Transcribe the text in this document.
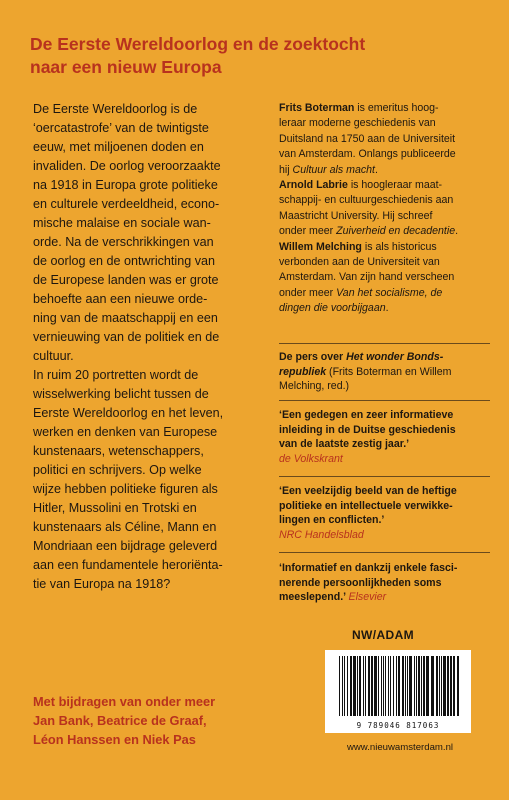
De Eerste Wereldoorlog en de zoektocht
naar een nieuw Europa
De Eerste Wereldoorlog is de
‘oercatastrofe’ van de twintigste
eeuw, met miljoenen doden en
invaliden. De oorlog veroorzaakte
na 1918 in Europa grote politieke
en culturele verdeeldheid, econo-
mische malaise en sociale wan-
orde. Na de verschrikkingen van
de oorlog en de ontwrichting van
de Europese landen was er grote
behoefte aan een nieuwe orde-
ning van de maatschappij en een
vernieuwing van de politiek en de
cultuur.
In ruim 20 portretten wordt de
wisselwerking belicht tussen de
Eerste Wereldoorlog en het leven,
werken en denken van Europese
kunstenaars, wetenschappers,
politici en schrijvers. Op welke
wijze hebben politieke figuren als
Hitler, Mussolini en Trotski en
kunstenaars als Céline, Mann en
Mondriaan een bijdrage geleverd
aan een fundamentele heroriënta-
tie van Europa na 1918?
Met bijdragen van onder meer
Jan Bank, Beatrice de Graaf,
Léon Hanssen en Niek Pas
Frits Boterman is emeritus hoog-
leraar moderne geschiedenis van
Duitsland na 1750 aan de Universiteit
van Amsterdam. Onlangs publiceerde
hij Cultuur als macht.
Arnold Labrie is hoogleraar maat-
schappij- en cultuurgeschiedenis aan
Maastricht University. Hij schreef
onder meer Zuiverheid en decadentie.
Willem Melching is als historicus
verbonden aan de Universiteit van
Amsterdam. Van zijn hand verscheen
onder meer Van het socialisme, de
dingen die voorbijgaan.
De pers over Het wonder Bonds-
republiek (Frits Boterman en Willem
Melching, red.)
‘Een gedegen en zeer informatieve
inleiding in de Duitse geschiedenis
van de laatste zestig jaar.’
de Volkskrant
‘Een veelzijdig beeld van de heftige
politieke en intellectuele verwikke-
lingen en conflicten.’
NRC Handelsblad
‘Informatief en dankzij enkele fasci-
nerende persoonlijkheden soms
meeslepend.’ Elsevier
NW/ADAM
9 789046 817063
www.nieuwamsterdam.nl
